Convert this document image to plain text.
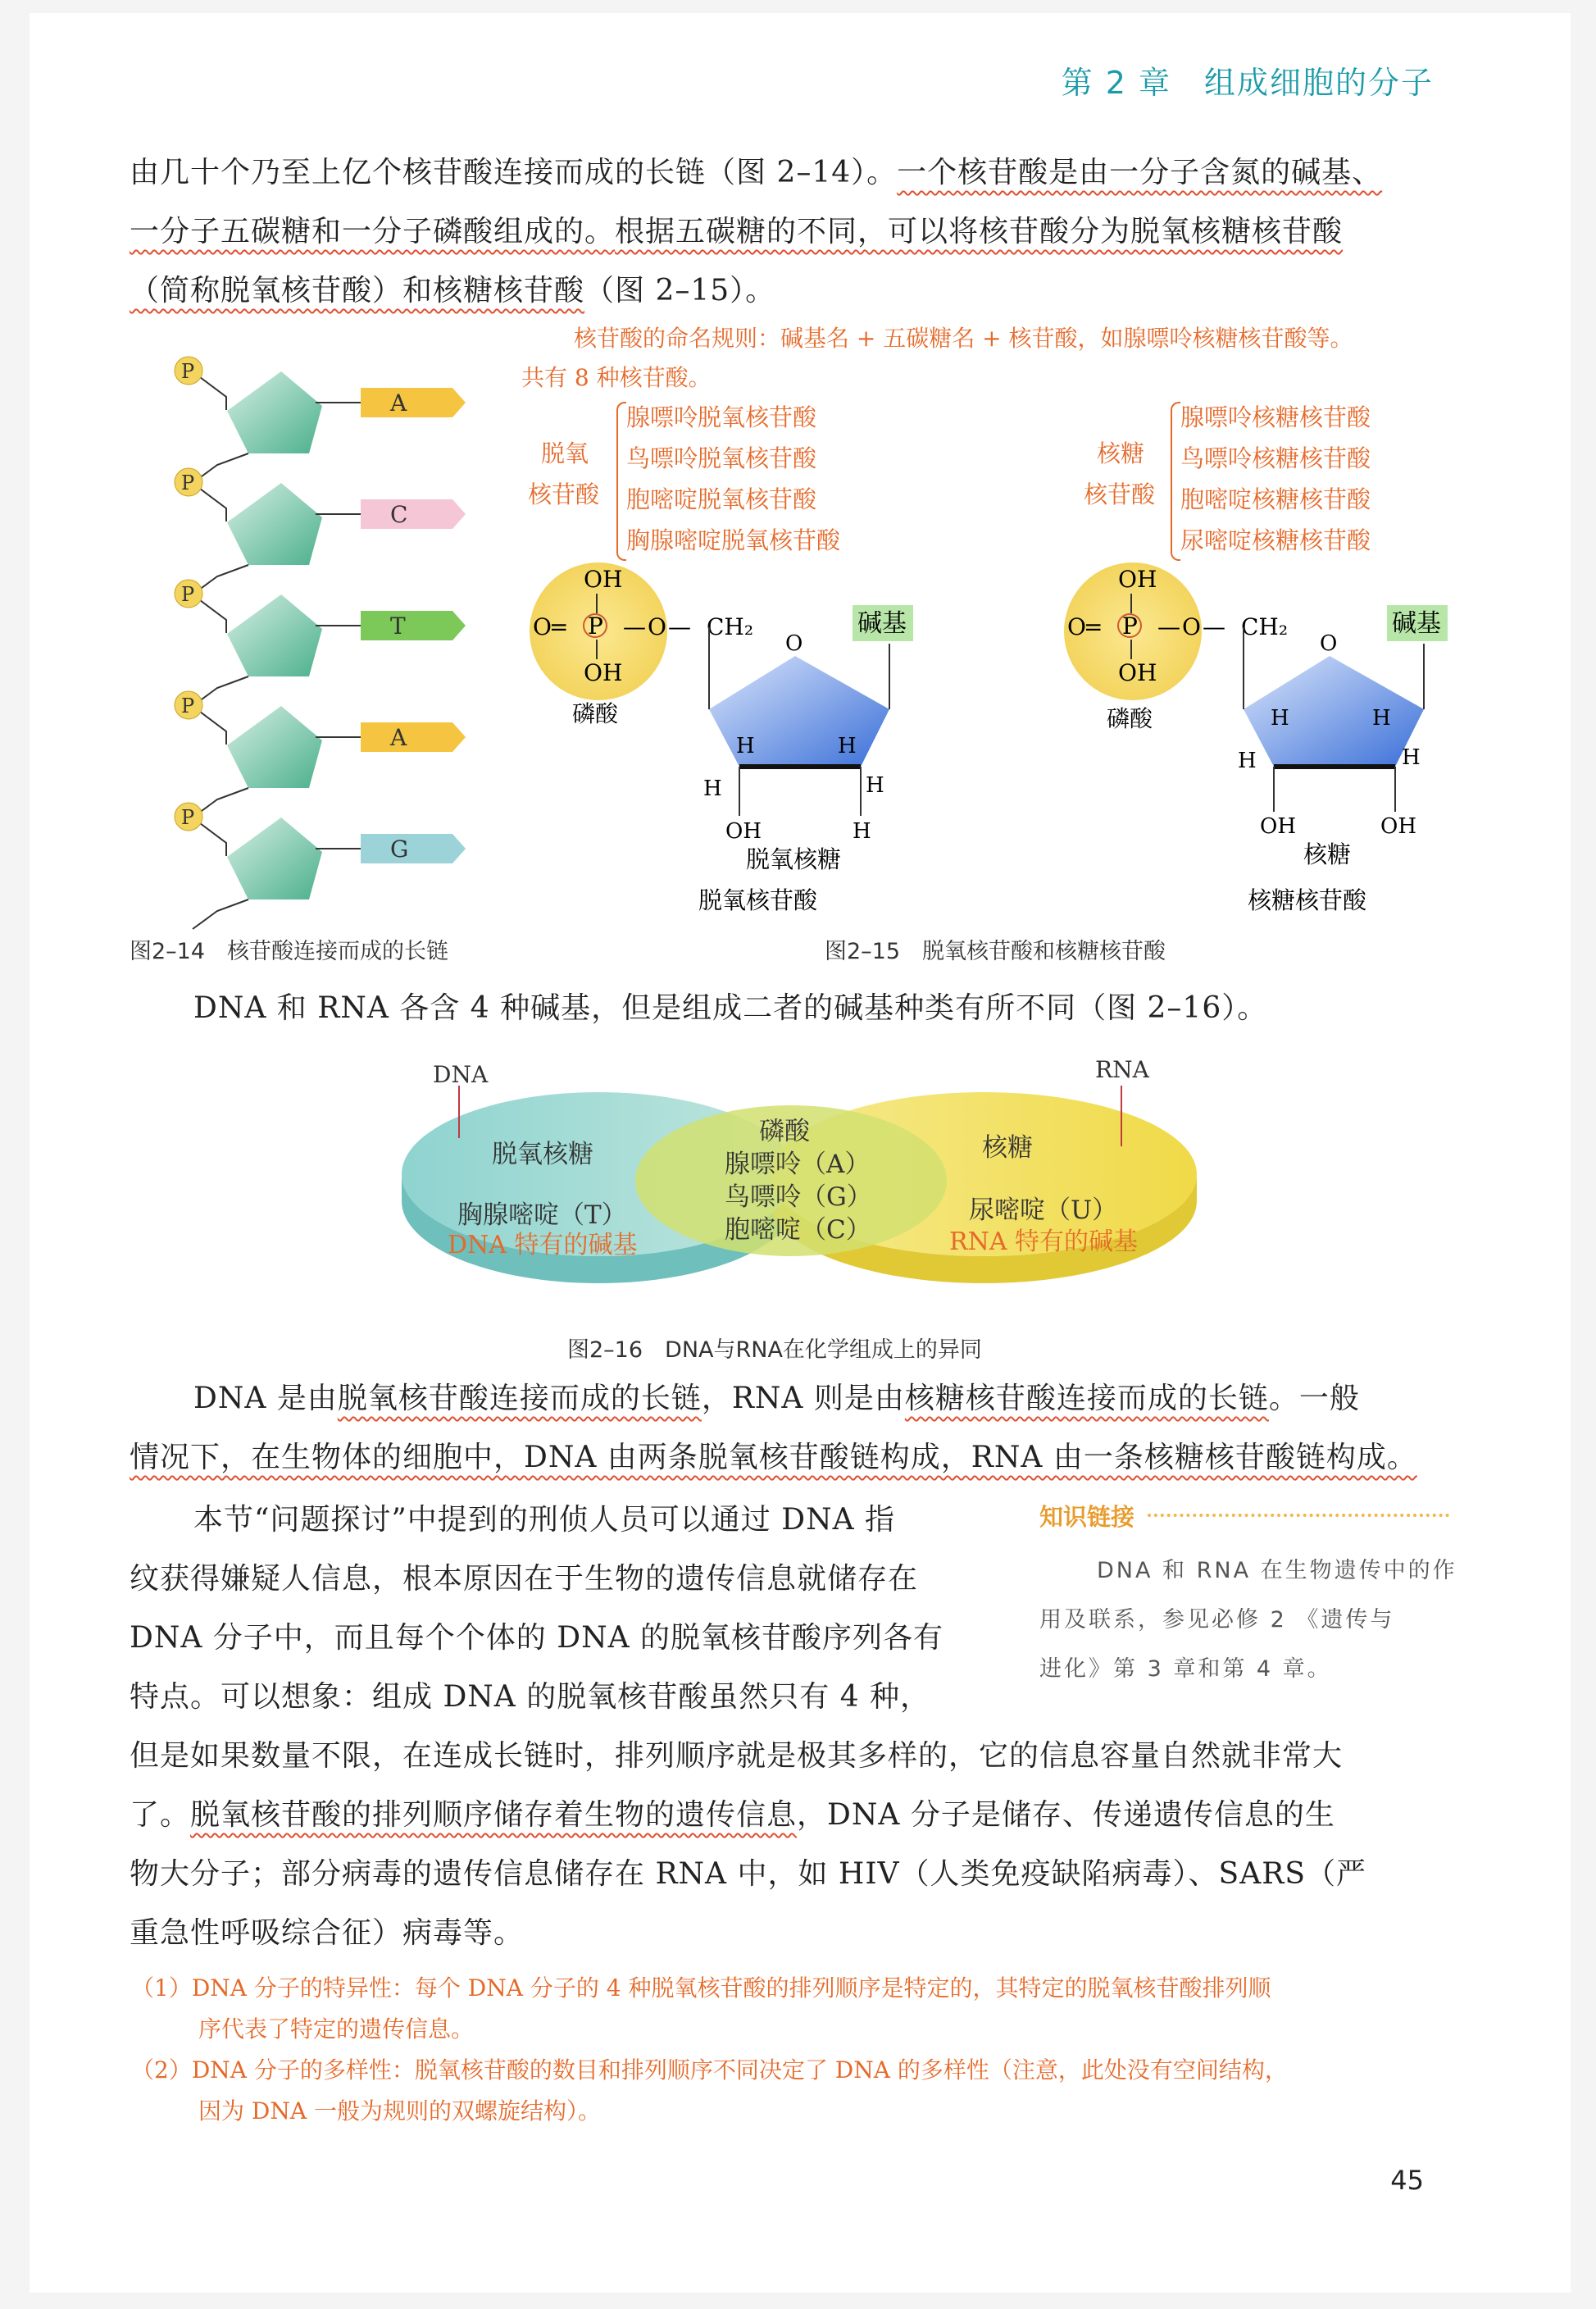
第 2 章　 组成细胞的分子
由几十个乃至上亿个核苷酸连接而成的长链（图 2–14）。一个核苷酸是由一分子含氮的碱基、
一分子五碳糖和一分子磷酸组成的。根据五碳糖的不同，可以将核苷酸分为脱氧核糖核苷酸
（简称脱氧核苷酸）和核糖核苷酸（图 2–15）。
核苷酸的命名规则：碱基名 + 五碳糖名 + 核苷酸，如腺嘌呤核糖核苷酸等。
共有 8 种核苷酸。
脱氧
核苷酸
腺嘌呤脱氧核苷酸
鸟嘌呤脱氧核苷酸
胞嘧啶脱氧核苷酸
胸腺嘧啶脱氧核苷酸
核糖
核苷酸
腺嘌呤核糖核苷酸
鸟嘌呤核糖核苷酸
胞嘧啶核糖核苷酸
尿嘧啶核糖核苷酸
A
P
C
P
T
P
A
P
G
P
OH
O
= P — O — CH₂
OH
磷酸
O
碱基
H	H
H	H
OH	H
脱氧核糖
脱氧核苷酸
OH
O
= P — O — CH₂
OH
磷酸
O
碱基
H	H
H	H
OH	OH
核糖
核糖核苷酸
图2–14　核苷酸连接而成的长链	图2–15　脱氧核苷酸和核糖核苷酸
DNA 和 RNA 各含 4 种碱基，但是组成二者的碱基种类有所不同（图 2–16）。
DNA	RNA
脱氧核糖
胸腺嘧啶（T）
DNA 特有的碱基
磷酸
腺嘌呤（A）
鸟嘌呤（G）
胞嘧啶（C）
核糖
尿嘧啶（U）
RNA 特有的碱基
图2–16　DNA与RNA在化学组成上的异同
DNA 是由脱氧核苷酸连接而成的长链，RNA 则是由核糖核苷酸连接而成的长链。一般
情况下，在生物体的细胞中，DNA 由两条脱氧核苷酸链构成，RNA 由一条核糖核苷酸链构成。
本节“问题探讨”中提到的刑侦人员可以通过 DNA 指
纹获得嫌疑人信息，根本原因在于生物的遗传信息就储存在
DNA 分子中，而且每个个体的 DNA 的脱氧核苷酸序列各有
特点。可以想象：组成 DNA 的脱氧核苷酸虽然只有 4 种，
但是如果数量不限，在连成长链时，排列顺序就是极其多样的，它的信息容量自然就非常大
了。脱氧核苷酸的排列顺序储存着生物的遗传信息，DNA 分子是储存、传递遗传信息的生
物大分子；部分病毒的遗传信息储存在 RNA 中，如 HIV（人类免疫缺陷病毒）、SARS（严
重急性呼吸综合征）病毒等。
知识链接
DNA 和 RNA 在生物遗传中的作
用及联系，参见必修 2 《遗传与
进化》第 3 章和第 4 章。
（1）DNA 分子的特异性：每个 DNA 分子的 4 种脱氧核苷酸的排列顺序是特定的，其特定的脱氧核苷酸排列顺
序代表了特定的遗传信息。
（2）DNA 分子的多样性：脱氧核苷酸的数目和排列顺序不同决定了 DNA 的多样性（注意，此处没有空间结构，
因为 DNA 一般为规则的双螺旋结构）。
45
